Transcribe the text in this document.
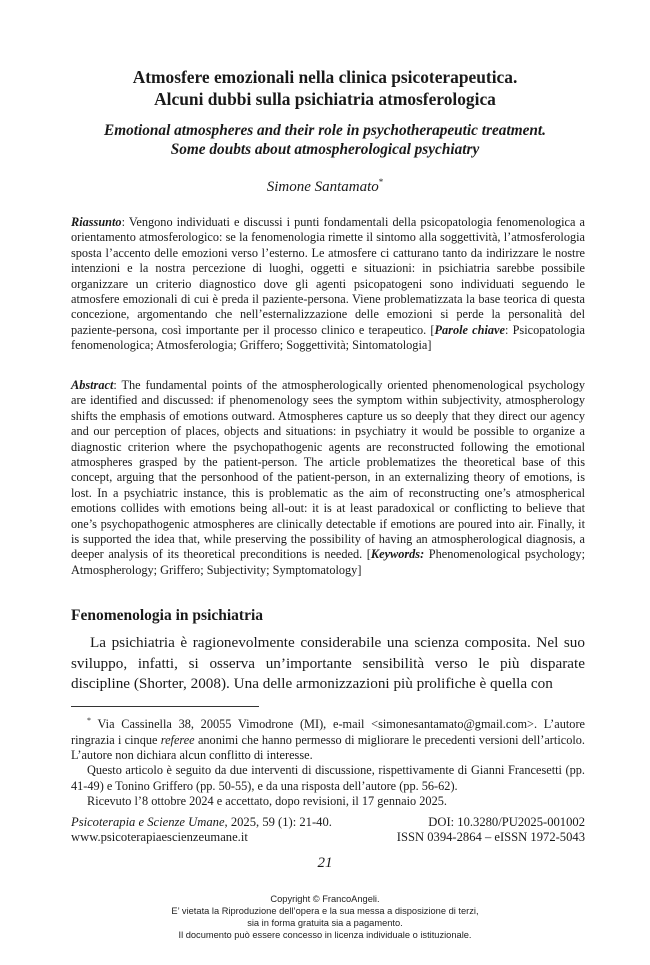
Atmosfere emozionali nella clinica psicoterapeutica.
Alcuni dubbi sulla psichiatria atmosferologica
Emotional atmospheres and their role in psychotherapeutic treatment.
Some doubts about atmospherological psychiatry
Simone Santamato*

Riassunto: Vengono individuati e discussi i punti fondamentali della psicopatologia fenomenologica a orientamento atmosferologico: se la fenomenologia rimette il sintomo alla soggettività, l’atmosferologia sposta l’accento delle emozioni verso l’esterno. Le atmosfere ci catturano tanto da indirizzare le nostre intenzioni e la nostra percezione di luoghi, oggetti e situazioni: in psichiatria sarebbe possibile organizzare un criterio diagnostico dove gli agenti psicopatogeni sono individuati seguendo le atmosfere emozionali di cui è preda il paziente-persona. Viene problematizzata la base teorica di questa concezione, argomentando che nell’esternalizzazione delle emozioni si perde la personalità del paziente-persona, così importante per il processo clinico e terapeutico. [Parole chiave: Psicopatologia fenomenologica; Atmosferologia; Griffero; Soggettività; Sintomatologia]

Abstract: The fundamental points of the atmospherologically oriented phenomenological psychology are identified and discussed: if phenomenology sees the symptom within subjectivity, atmospherology shifts the emphasis of emotions outward. Atmospheres capture us so deeply that they direct our agency and our perception of places, objects and situations: in psychiatry it would be possible to organize a diagnostic criterion where the psychopathogenic agents are reconstructed following the emotional atmospheres grasped by the patient-person. The article problematizes the theoretical base of this concept, arguing that the personhood of the patient-person, in an externalizing theory of emotions, is lost. In a psychiatric instance, this is problematic as the aim of reconstructing one’s atmospherical emotions collides with emotions being all-out: it is at least paradoxical or conflicting to believe that one’s psychopathogenic atmospheres are clinically detectable if emotions are poured into air. Finally, it is supported the idea that, while preserving the possibility of having an atmospherological diagnosis, a deeper analysis of its theoretical preconditions is needed. [Keywords: Phenomenological psychology; Atmospherology; Griffero; Subjectivity; Symptomatology]

Fenomenologia in psichiatria

La psichiatria è ragionevolmente considerabile una scienza composita. Nel suo sviluppo, infatti, si osserva un’importante sensibilità verso le più disparate discipline (Shorter, 2008). Una delle armonizzazioni più prolifiche è quella con

* Via Cassinella 38, 20055 Vimodrone (MI), e-mail <simonesantamato@gmail.com>. L’autore ringrazia i cinque referee anonimi che hanno permesso di migliorare le precedenti versioni dell’articolo. L’autore non dichiara alcun conflitto di interesse.

Questo articolo è seguito da due interventi di discussione, rispettivamente di Gianni Francesetti (pp. 41-49) e Tonino Griffero (pp. 50-55), e da una risposta dell’autore (pp. 56-62).

Ricevuto l’8 ottobre 2024 e accettato, dopo revisioni, il 17 gennaio 2025.

Psicoterapia e Scienze Umane, 2025, 59 (1): 21-40.	DOI: 10.3280/PU2025-001002
www.psicoterapiaescienzeumane.it	ISSN 0394-2864 – eISSN 1972-5043
21
Copyright © FrancoAngeli.
E’ vietata la Riproduzione dell’opera e la sua messa a disposizione di terzi,
sia in forma gratuita sia a pagamento.
Il documento può essere concesso in licenza individuale o istituzionale.
